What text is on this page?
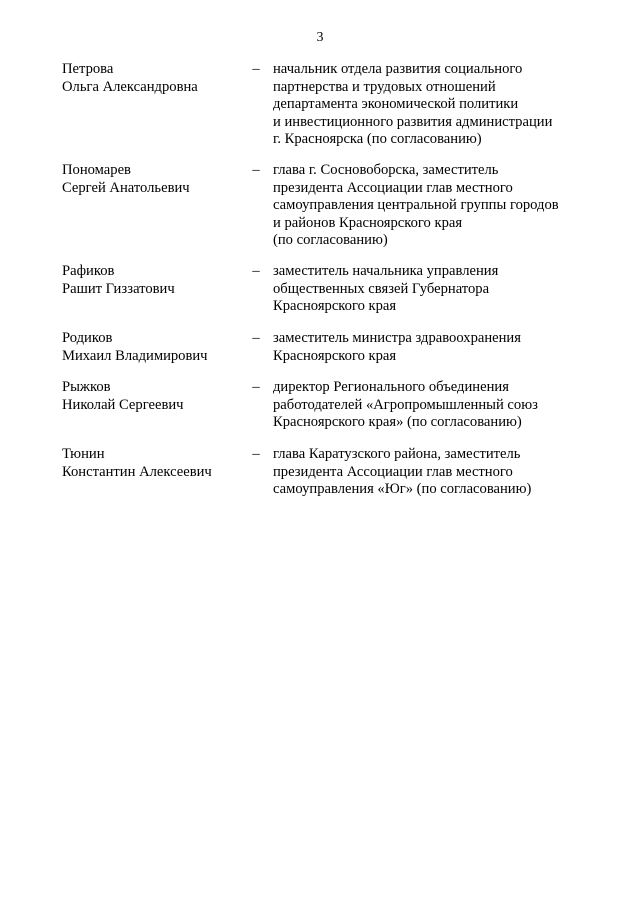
3
Петрова
Ольга Александровна
– начальник отдела развития социального
партнерства и трудовых отношений
департамента экономической политики
и инвестиционного развития администрации
г. Красноярска (по согласованию)
Пономарев
Сергей Анатольевич
– глава г. Сосновоборска, заместитель
президента Ассоциации глав местного
самоуправления центральной группы городов
и районов Красноярского края
(по согласованию)
Рафиков
Рашит Гиззатович
– заместитель начальника управления
общественных связей Губернатора
Красноярского края
Родиков
Михаил Владимирович
– заместитель министра здравоохранения
Красноярского края
Рыжков
Николай Сергеевич
– директор Регионального объединения
работодателей «Агропромышленный союз
Красноярского края» (по согласованию)
Тюнин
Константин Алексеевич
– глава Каратузского района, заместитель
президента Ассоциации глав местного
самоуправления «Юг» (по согласованию)
